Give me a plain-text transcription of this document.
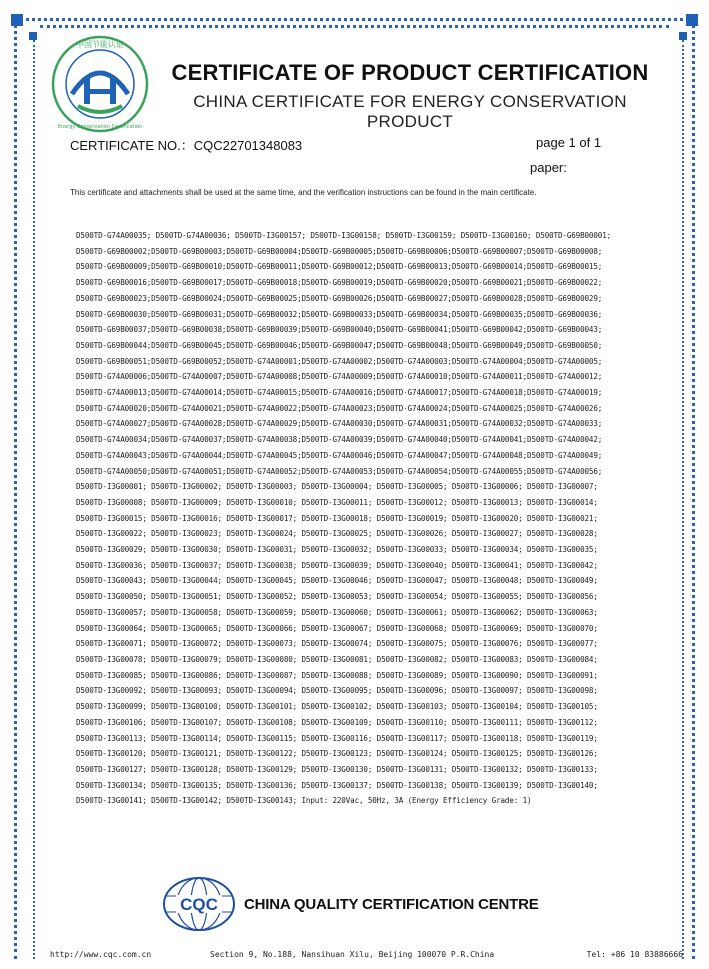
中国节能认证
Energy Conservation Certification
CERTIFICATE OF PRODUCT CERTIFICATION
CHINA CERTIFICATE FOR ENERGY CONSERVATION PRODUCT
CERTIFICATE NO.：CQC22701348083	page 1 of 1
paper:
This certificate and attachments shall be used at the same time, and the verification instructions can be found in the main certificate.
D500TD-G74A00035; D500TD-G74A00036; D500TD-I3G00157; D500TD-I3G00158; D500TD-I3G00159; D500TD-I3G00160; D500TD-G69B00001;
D500TD-G69B00002;D500TD-G69B00003;D500TD-G69B00004;D500TD-G69B00005;D500TD-G69B00006;D500TD-G69B00007;D500TD-G69B00008;
D500TD-G69B00009;D500TD-G69B00010;D500TD-G69B00011;D500TD-G69B00012;D500TD-G69B00013;D500TD-G69B00014;D500TD-G69B00015;
D500TD-G69B00016;D500TD-G69B00017;D500TD-G69B00018;D500TD-G69B00019;D500TD-G69B00020;D500TD-G69B00021;D500TD-G69B00022;
D500TD-G69B00023;D500TD-G69B00024;D500TD-G69B00025;D500TD-G69B00026;D500TD-G69B00027;D500TD-G69B00028;D500TD-G69B00029;
D500TD-G69B00030;D500TD-G69B00031;D500TD-G69B00032;D500TD-G69B00033;D500TD-G69B00034;D500TD-G69B00035;D500TD-G69B00036;
D500TD-G69B00037;D500TD-G69B00038;D500TD-G69B00039;D500TD-G69B00040;D500TD-G69B00041;D500TD-G69B00042;D500TD-G69B00043;
D500TD-G69B00044;D500TD-G69B00045;D500TD-G69B00046;D500TD-G69B00047;D500TD-G69B00048;D500TD-G69B00049;D500TD-G69B00050;
D500TD-G69B00051;D500TD-G69B00052;D500TD-G74A00001;D500TD-G74A00002;D500TD-G74A00003;D500TD-G74A00004;D500TD-G74A00005;
D500TD-G74A00006;D500TD-G74A00007;D500TD-G74A00008;D500TD-G74A00009;D500TD-G74A00010;D500TD-G74A00011;D500TD-G74A00012;
D500TD-G74A00013;D500TD-G74A00014;D500TD-G74A00015;D500TD-G74A00016;D500TD-G74A00017;D500TD-G74A00018;D500TD-G74A00019;
D500TD-G74A00020;D500TD-G74A00021;D500TD-G74A00022;D500TD-G74A00023;D500TD-G74A00024;D500TD-G74A00025;D500TD-G74A00026;
D500TD-G74A00027;D500TD-G74A00028;D500TD-G74A00029;D500TD-G74A00030;D500TD-G74A00031;D500TD-G74A00032;D500TD-G74A00033;
D500TD-G74A00034;D500TD-G74A00037;D500TD-G74A00038;D500TD-G74A00039;D500TD-G74A00040;D500TD-G74A00041;D500TD-G74A00042;
D500TD-G74A00043;D500TD-G74A00044;D500TD-G74A00045;D500TD-G74A00046;D500TD-G74A00047;D500TD-G74A00048;D500TD-G74A00049;
D500TD-G74A00050;D500TD-G74A00051;D500TD-G74A00052;D500TD-G74A00053;D500TD-G74A00054;D500TD-G74A00055;D500TD-G74A00056;
D500TD-I3G00001; D500TD-I3G00002; D500TD-I3G00003; D500TD-I3G00004; D500TD-I3G00005; D500TD-I3G00006; D500TD-I3G00007;
D500TD-I3G00008; D500TD-I3G00009; D500TD-I3G00010; D500TD-I3G00011; D500TD-I3G00012; D500TD-I3G00013; D500TD-I3G00014;
D500TD-I3G00015; D500TD-I3G00016; D500TD-I3G00017; D500TD-I3G00018; D500TD-I3G00019; D500TD-I3G00020; D500TD-I3G00021;
D500TD-I3G00022; D500TD-I3G00023; D500TD-I3G00024; D500TD-I3G00025; D500TD-I3G00026; D500TD-I3G00027; D500TD-I3G00028;
D500TD-I3G00029; D500TD-I3G00030; D500TD-I3G00031; D500TD-I3G00032; D500TD-I3G00033; D500TD-I3G00034; D500TD-I3G00035;
D500TD-I3G00036; D500TD-I3G00037; D500TD-I3G00038; D500TD-I3G00039; D500TD-I3G00040; D500TD-I3G00041; D500TD-I3G00042;
D500TD-I3G00043; D500TD-I3G00044; D500TD-I3G00045; D500TD-I3G00046; D500TD-I3G00047; D500TD-I3G00048; D500TD-I3G00049;
D500TD-I3G00050; D500TD-I3G00051; D500TD-I3G00052; D500TD-I3G00053; D500TD-I3G00054; D500TD-I3G00055; D500TD-I3G00056;
D500TD-I3G00057; D500TD-I3G00058; D500TD-I3G00059; D500TD-I3G00060; D500TD-I3G00061; D500TD-I3G00062; D500TD-I3G00063;
D500TD-I3G00064; D500TD-I3G00065; D500TD-I3G00066; D500TD-I3G00067; D500TD-I3G00068; D500TD-I3G00069; D500TD-I3G00070;
D500TD-I3G00071; D500TD-I3G00072; D500TD-I3G00073; D500TD-I3G00074; D500TD-I3G00075; D500TD-I3G00076; D500TD-I3G00077;
D500TD-I3G00078; D500TD-I3G00079; D500TD-I3G00080; D500TD-I3G00081; D500TD-I3G00082; D500TD-I3G00083; D500TD-I3G00084;
D500TD-I3G00085; D500TD-I3G00086; D500TD-I3G00087; D500TD-I3G00088; D500TD-I3G00089; D500TD-I3G00090; D500TD-I3G00091;
D500TD-I3G00092; D500TD-I3G00093; D500TD-I3G00094; D500TD-I3G00095; D500TD-I3G00096; D500TD-I3G00097; D500TD-I3G00098;
D500TD-I3G00099; D500TD-I3G00100; D500TD-I3G00101; D500TD-I3G00102; D500TD-I3G00103; D500TD-I3G00104; D500TD-I3G00105;
D500TD-I3G00106; D500TD-I3G00107; D500TD-I3G00108; D500TD-I3G00109; D500TD-I3G00110; D500TD-I3G00111; D500TD-I3G00112;
D500TD-I3G00113; D500TD-I3G00114; D500TD-I3G00115; D500TD-I3G00116; D500TD-I3G00117; D500TD-I3G00118; D500TD-I3G00119;
D500TD-I3G00120; D500TD-I3G00121; D500TD-I3G00122; D500TD-I3G00123; D500TD-I3G00124; D500TD-I3G00125; D500TD-I3G00126;
D500TD-I3G00127; D500TD-I3G00128; D500TD-I3G00129; D500TD-I3G00130; D500TD-I3G00131; D500TD-I3G00132; D500TD-I3G00133;
D500TD-I3G00134; D500TD-I3G00135; D500TD-I3G00136; D500TD-I3G00137; D500TD-I3G00138; D500TD-I3G00139; D500TD-I3G00140;
D500TD-I3G00141; D500TD-I3G00142; D500TD-I3G00143; Input: 220Vac, 50Hz, 3A (Energy Efficiency Grade: 1)
CQC CHINA QUALITY CERTIFICATION CENTRE
http://www.cqc.com.cn	Section 9, No.188, Nansihuan Xilu, Beijing 100070 P.R.China	Tel: +86 10 83886666
